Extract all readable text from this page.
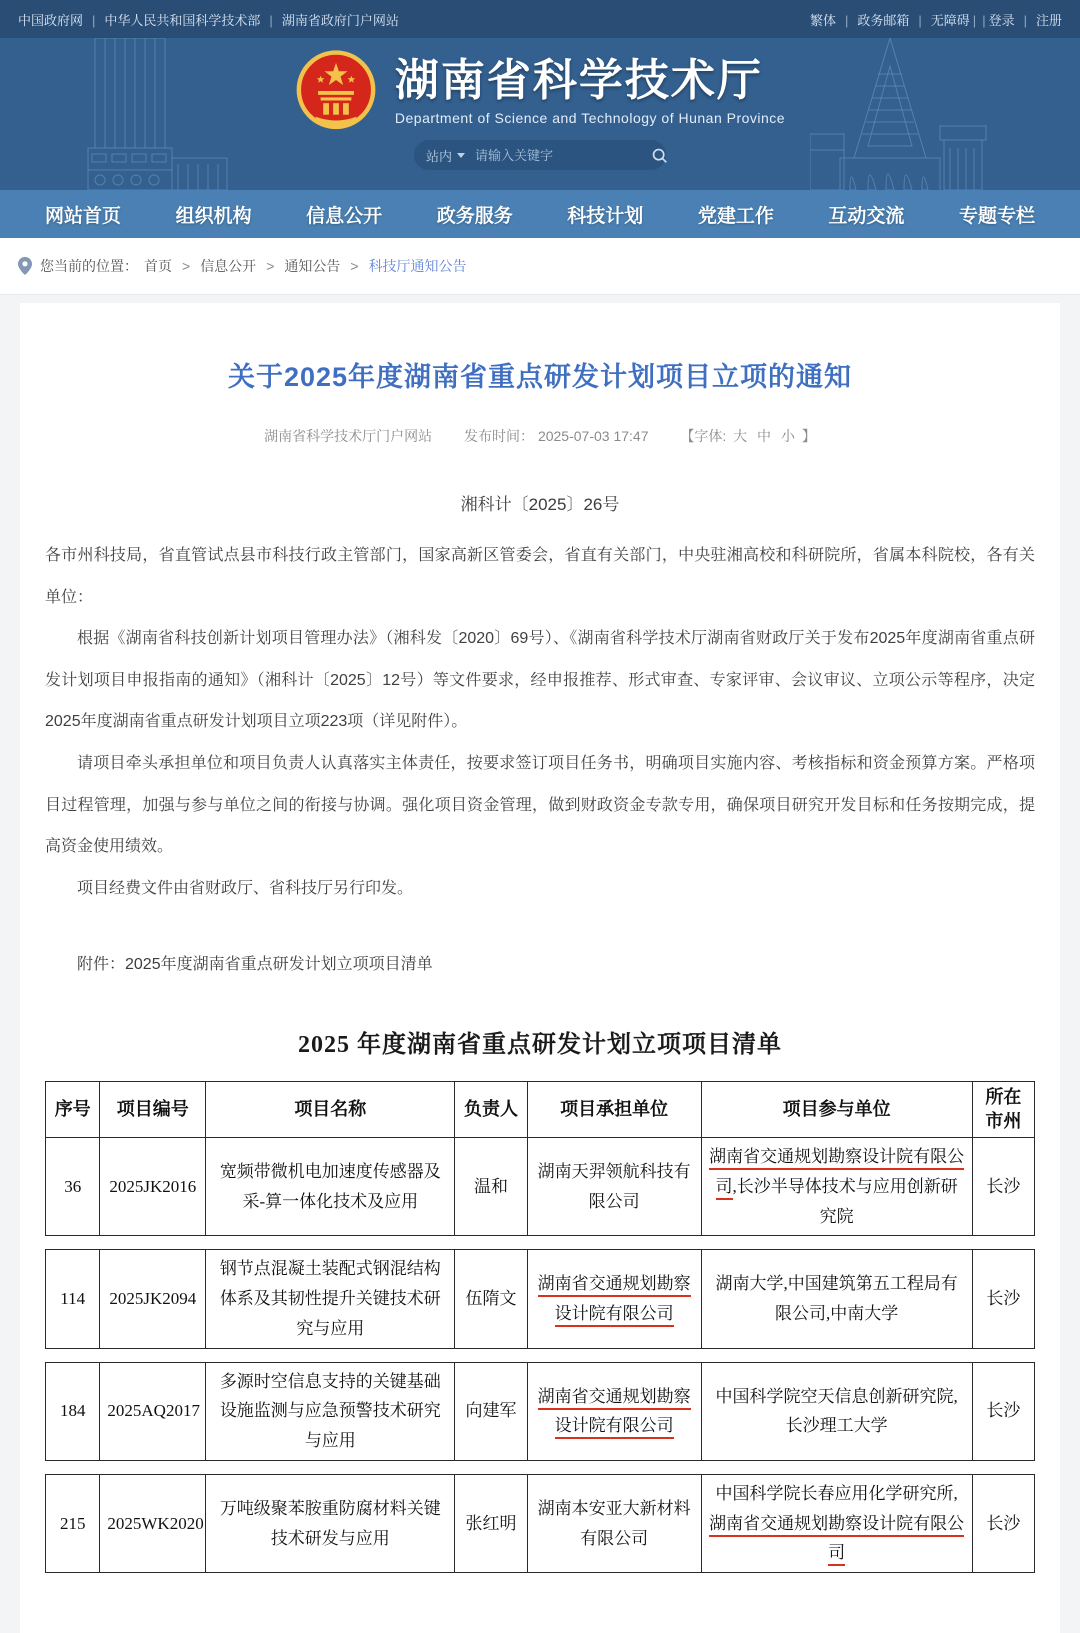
中国政府网 | 中华人民共和国科学技术部 | 湖南省政府门户网站	繁体 | 政务邮箱 | 无障碍 | | 登录 | 注册
湖南省科学技术厅
Department of Science and Technology of Hunan Province
站内
请输入关键字
网站首页	组织机构	信息公开	政务服务	科技计划	党建工作	互动交流	专题专栏
您当前的位置： 首页 > 信息公开 > 通知公告 > 科技厅通知公告
关于2025年度湖南省重点研发计划项目立项的通知
湖南省科学技术厅门户网站 发布时间： 2025-07-03 17:47 【字体: 大 中 小 】
湘科计〔2025〕26号

各市州科技局，省直管试点县市科技行政主管部门，国家高新区管委会，省直有关部门，中央驻湘高校和科研院所，省属本科院校，各有关单位：

根据《湖南省科技创新计划项目管理办法》（湘科发〔2020〕69号）、《湖南省科学技术厅湖南省财政厅关于发布2025年度湖南省重点研发计划项目申报指南的通知》（湘科计〔2025〕12号）等文件要求，经申报推荐、形式审查、专家评审、会议审议、立项公示等程序，决定2025年度湖南省重点研发计划项目立项223项（详见附件）。

请项目牵头承担单位和项目负责人认真落实主体责任，按要求签订项目任务书，明确项目实施内容、考核指标和资金预算方案。严格项目过程管理，加强与参与单位之间的衔接与协调。强化项目资金管理，做到财政资金专款专用，确保项目研究开发目标和任务按期完成，提高资金使用绩效。

项目经费文件由省财政厅、省科技厅另行印发。

附件：2025年度湖南省重点研发计划立项项目清单
2025 年度湖南省重点研发计划立项项目清单
序号	项目编号	项目名称	负责人	项目承担单位	项目参与单位	所在市州
36	2025JK2016	宽频带微机电加速度传感器及采-算一体化技术及应用	温和	湖南天羿领航科技有限公司	湖南省交通规划勘察设计院有限公司,长沙半导体技术与应用创新研究院	长沙
114	2025JK2094	钢节点混凝土装配式钢混结构体系及其韧性提升关键技术研究与应用	伍隋文	湖南省交通规划勘察设计院有限公司	湖南大学,中国建筑第五工程局有限公司,中南大学	长沙
184	2025AQ2017	多源时空信息支持的关键基础设施监测与应急预警技术研究与应用	向建军	湖南省交通规划勘察设计院有限公司	中国科学院空天信息创新研究院,长沙理工大学	长沙
215	2025WK2020	万吨级聚苯胺重防腐材料关键技术研发与应用	张红明	湖南本安亚大新材料有限公司	中国科学院长春应用化学研究所,湖南省交通规划勘察设计院有限公司	长沙
